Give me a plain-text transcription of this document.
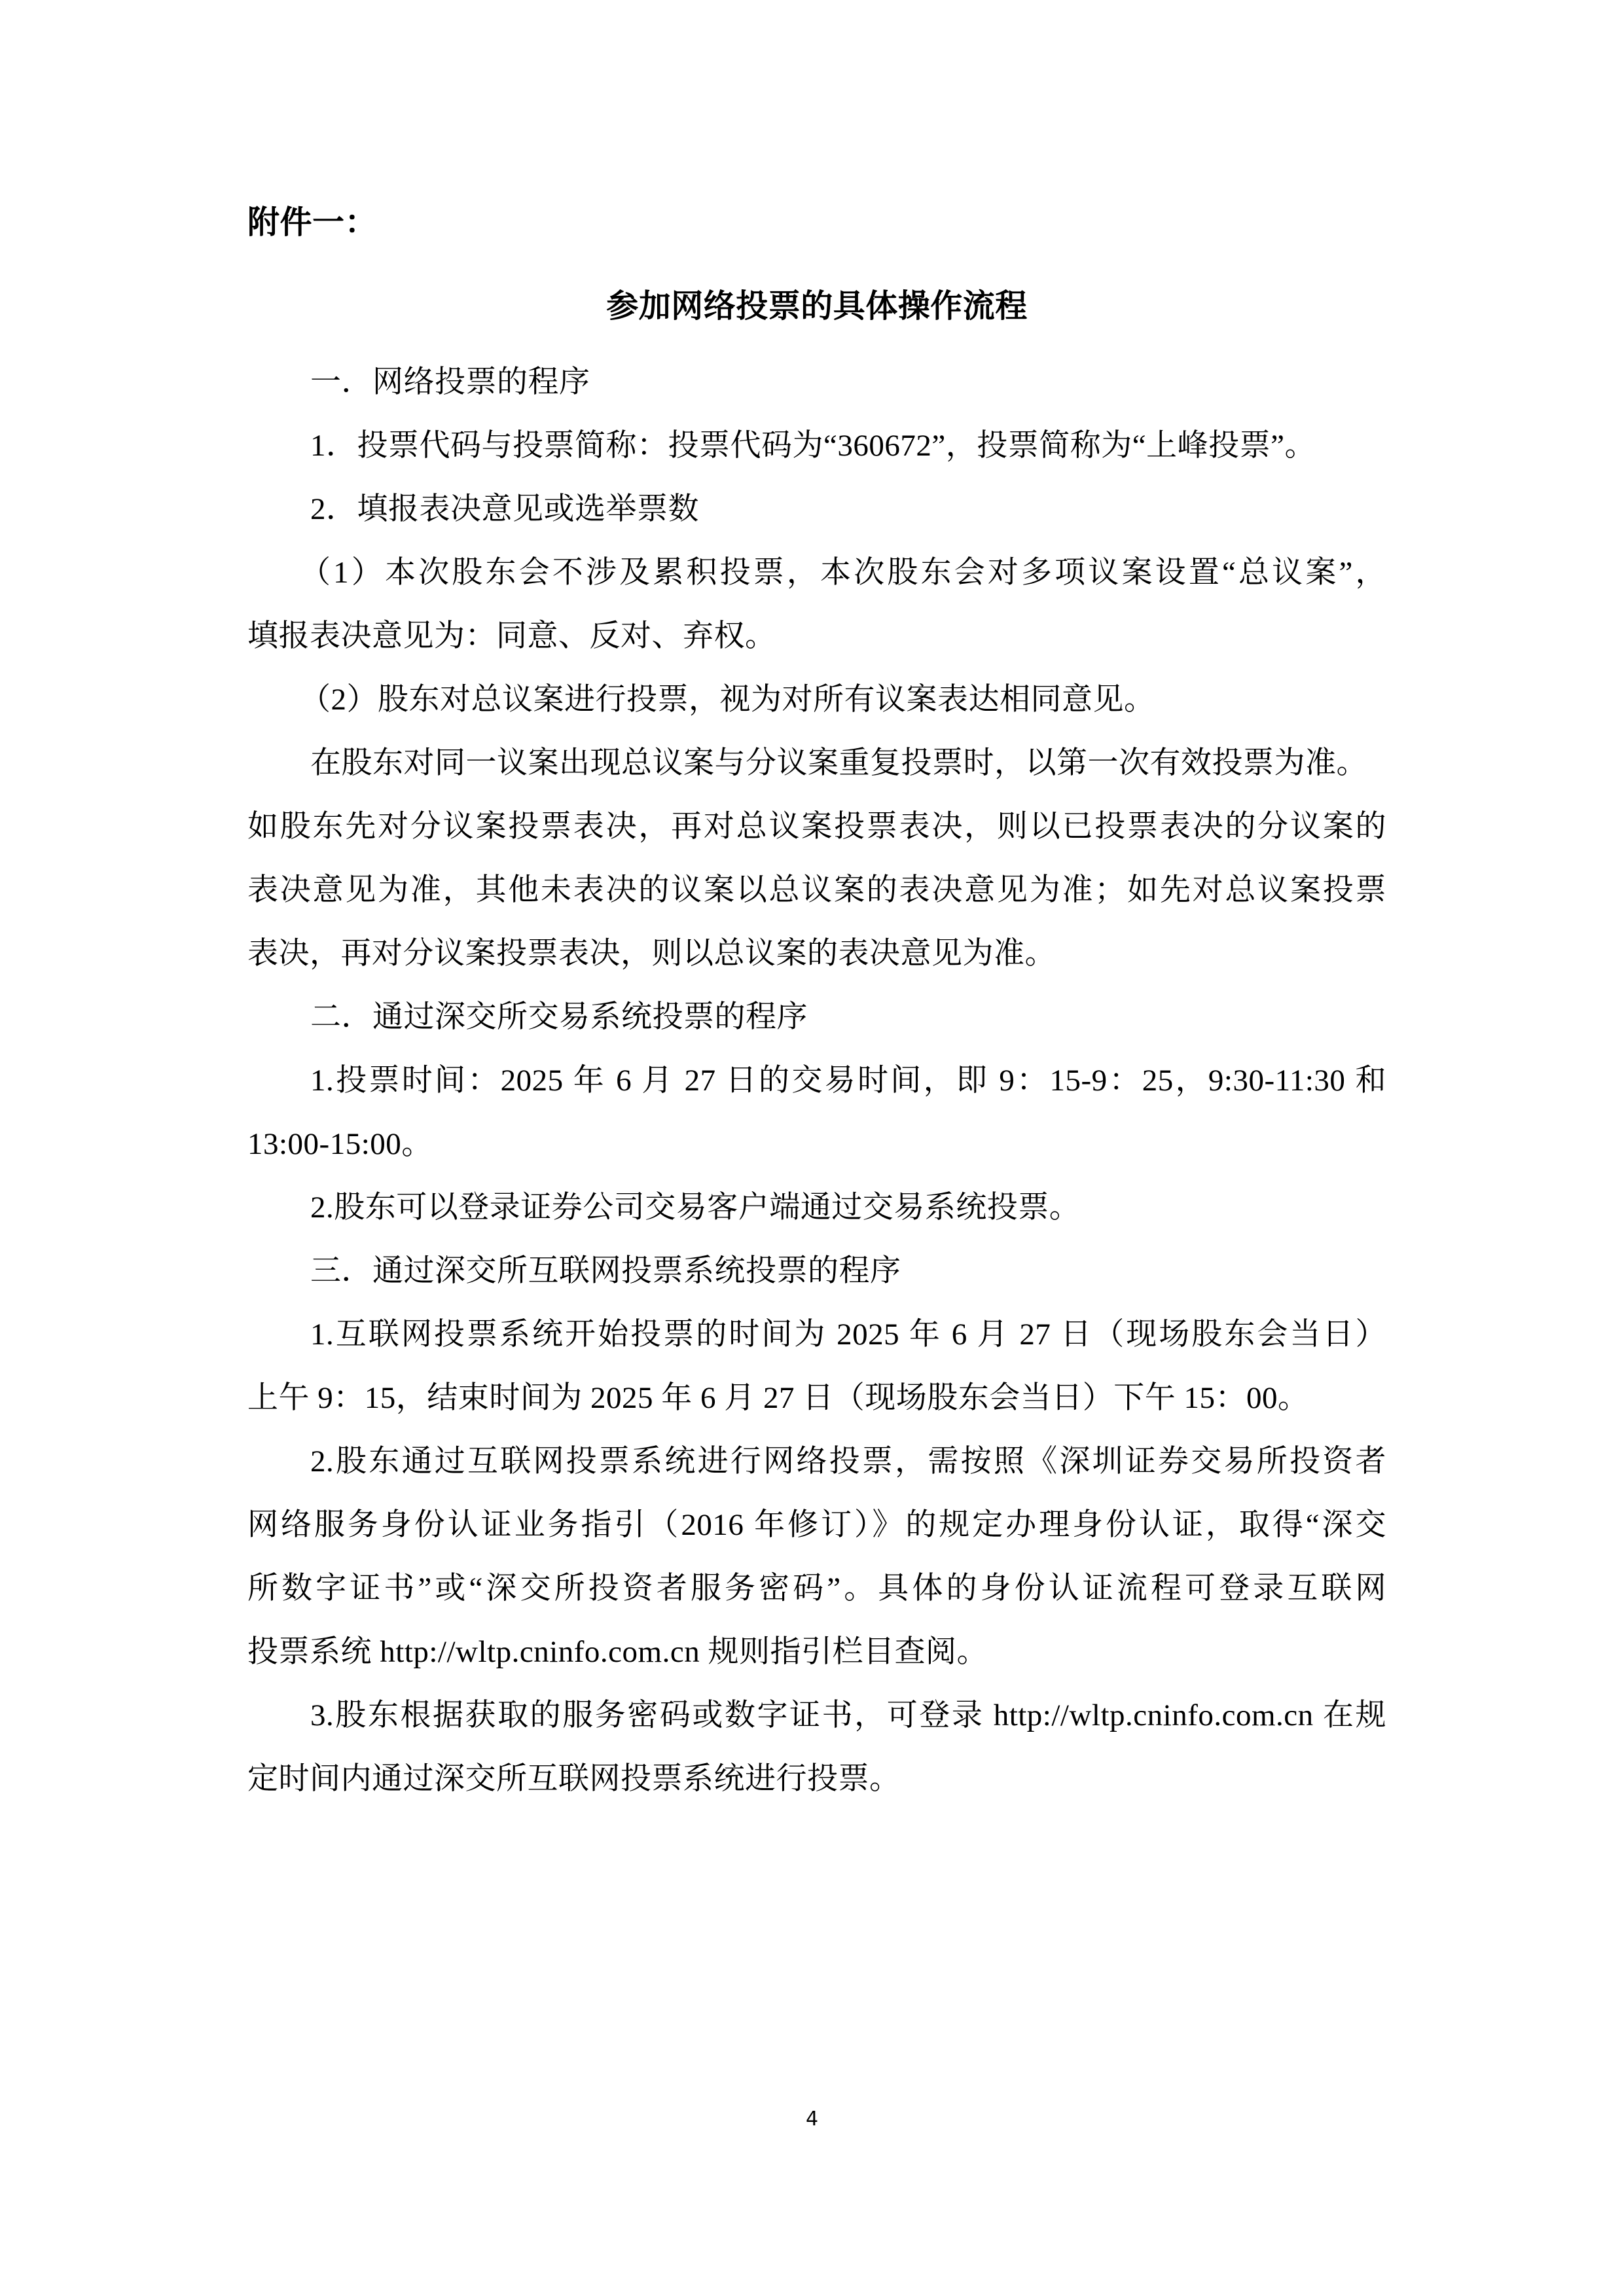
附件一：
参加网络投票的具体操作流程
一．网络投票的程序
1．投票代码与投票简称：投票代码为“360672”，投票简称为“上峰投票”。
2．填报表决意见或选举票数
（1）本次股东会不涉及累积投票，本次股东会对多项议案设置“总议案”，
填报表决意见为：同意、反对、弃权。
（2）股东对总议案进行投票，视为对所有议案表达相同意见。
在股东对同一议案出现总议案与分议案重复投票时，以第一次有效投票为准。
如股东先对分议案投票表决，再对总议案投票表决，则以已投票表决的分议案的
表决意见为准，其他未表决的议案以总议案的表决意见为准；如先对总议案投票
表决，再对分议案投票表决，则以总议案的表决意见为准。
二．通过深交所交易系统投票的程序
1.投票时间：2025 年 6 月 27 日的交易时间，即 9：15-9：25，9:30-11:30 和
13:00-15:00。
2.股东可以登录证券公司交易客户端通过交易系统投票。
三．通过深交所互联网投票系统投票的程序
1.互联网投票系统开始投票的时间为 2025 年 6 月 27 日（现场股东会当日）
上午 9：15，结束时间为 2025 年 6 月 27 日（现场股东会当日）下午 15：00。
2.股东通过互联网投票系统进行网络投票，需按照《深圳证券交易所投资者
网络服务身份认证业务指引（2016 年修订）》的规定办理身份认证，取得“深交
所数字证书”或“深交所投资者服务密码”。具体的身份认证流程可登录互联网
投票系统 http://wltp.cninfo.com.cn 规则指引栏目查阅。
3.股东根据获取的服务密码或数字证书，可登录 http://wltp.cninfo.com.cn 在规
定时间内通过深交所互联网投票系统进行投票。
4
